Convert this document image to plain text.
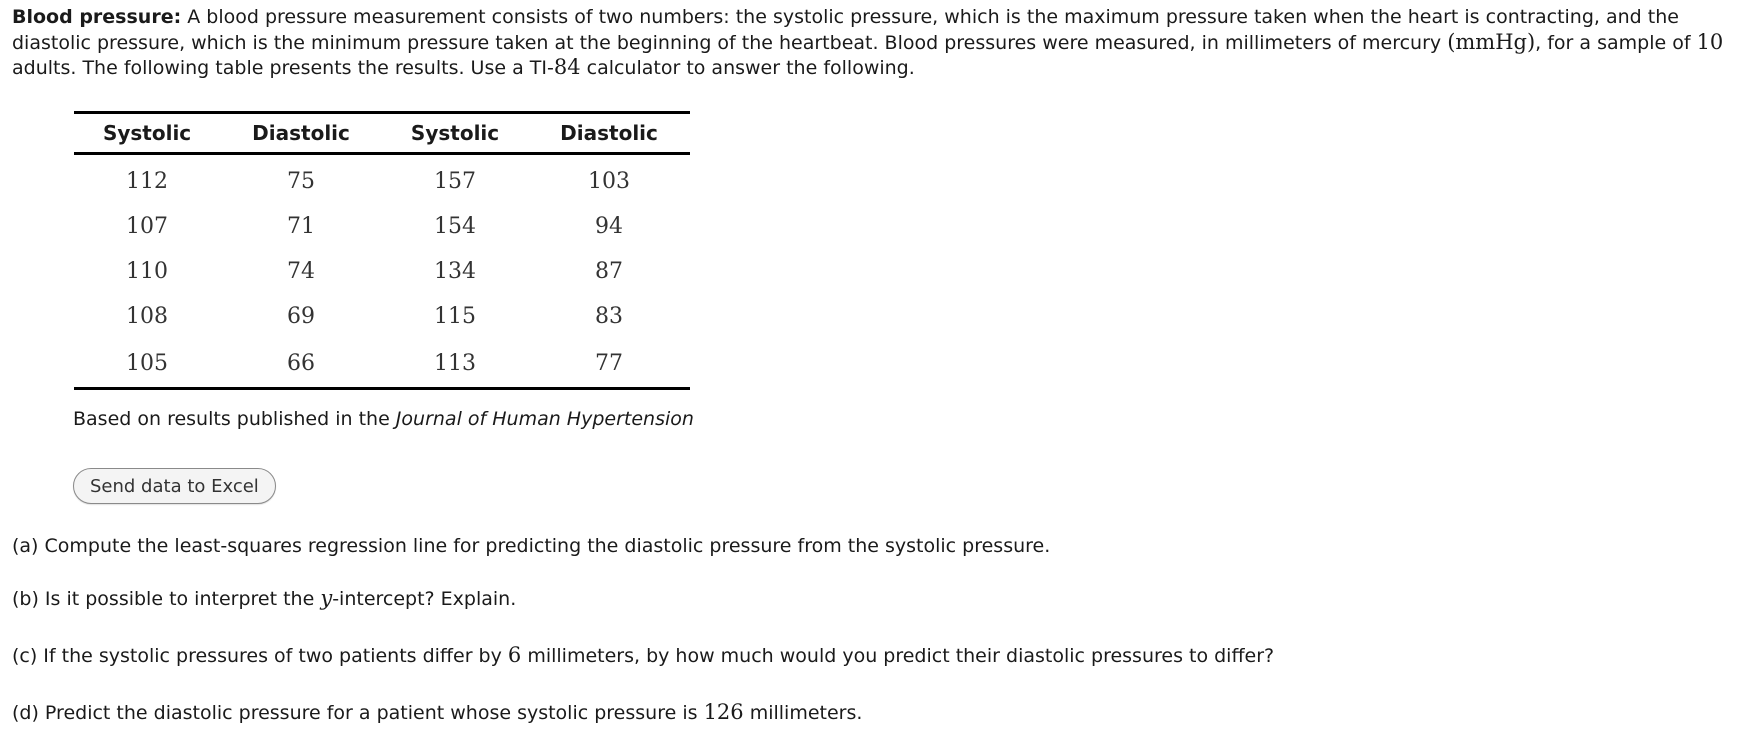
Blood pressure: A blood pressure measurement consists of two numbers: the systolic pressure, which is the maximum pressure taken when the heart is contracting, and the diastolic pressure, which is the minimum pressure taken at the beginning of the heartbeat. Blood pressures were measured, in millimeters of mercury (mmHg), for a sample of 10 adults. The following table presents the results. Use a TI-84 calculator to answer the following.

Systolic	Diastolic	Systolic	Diastolic
112	75	157	103
107	71	154	94
110	74	134	87
108	69	115	83
105	66	113	77

Based on results published in the Journal of Human Hypertension

Send data to Excel

(a) Compute the least-squares regression line for predicting the diastolic pressure from the systolic pressure.

(b) Is it possible to interpret the y-intercept? Explain.

(c) If the systolic pressures of two patients differ by 6 millimeters, by how much would you predict their diastolic pressures to differ?

(d) Predict the diastolic pressure for a patient whose systolic pressure is 126 millimeters.
